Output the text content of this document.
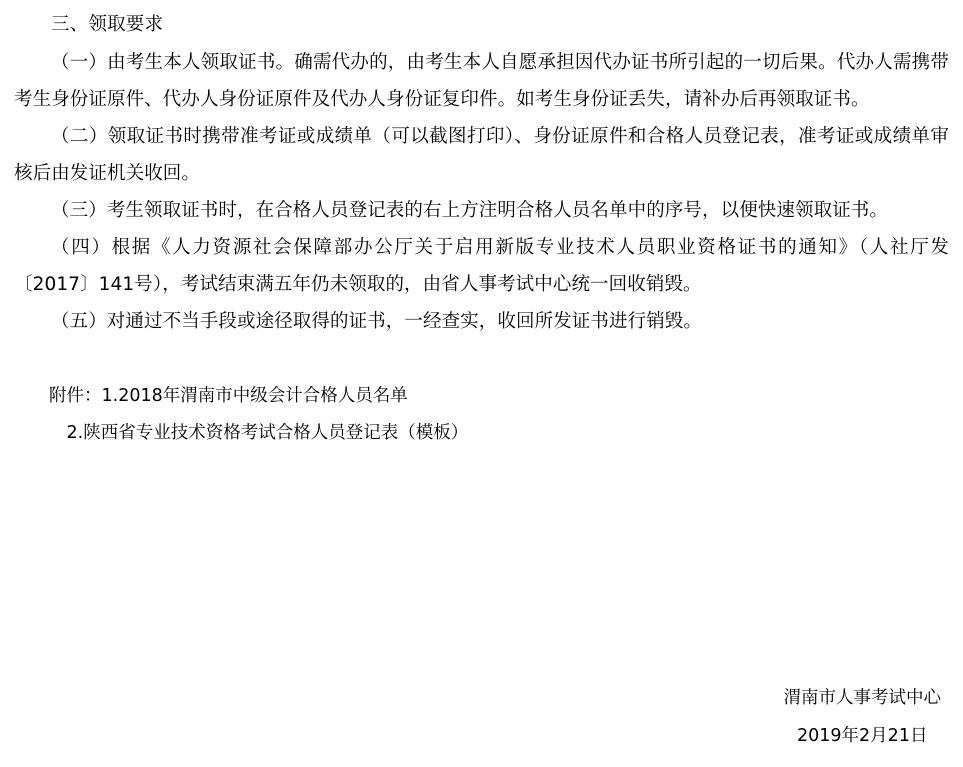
三、领取要求

（一）由考生本人领取证书。确需代办的，由考生本人自愿承担因代办证书所引起的一切后果。代办人需携带考生身份证原件、代办人身份证原件及代办人身份证复印件。如考生身份证丢失，请补办后再领取证书。

（二）领取证书时携带准考证或成绩单（可以截图打印）、身份证原件和合格人员登记表，准考证或成绩单审核后由发证机关收回。

（三）考生领取证书时，在合格人员登记表的右上方注明合格人员名单中的序号，以便快速领取证书。

（四）根据《人力资源社会保障部办公厅关于启用新版专业技术人员职业资格证书的通知》（人社厅发〔2017〕141号），考试结束满五年仍未领取的，由省人事考试中心统一回收销毁。

（五）对通过不当手段或途径取得的证书，一经查实，收回所发证书进行销毁。

附件：1.2018年渭南市中级会计合格人员名单

2.陕西省专业技术资格考试合格人员登记表（模板）

渭南市人事考试中心
2019年2月21日
